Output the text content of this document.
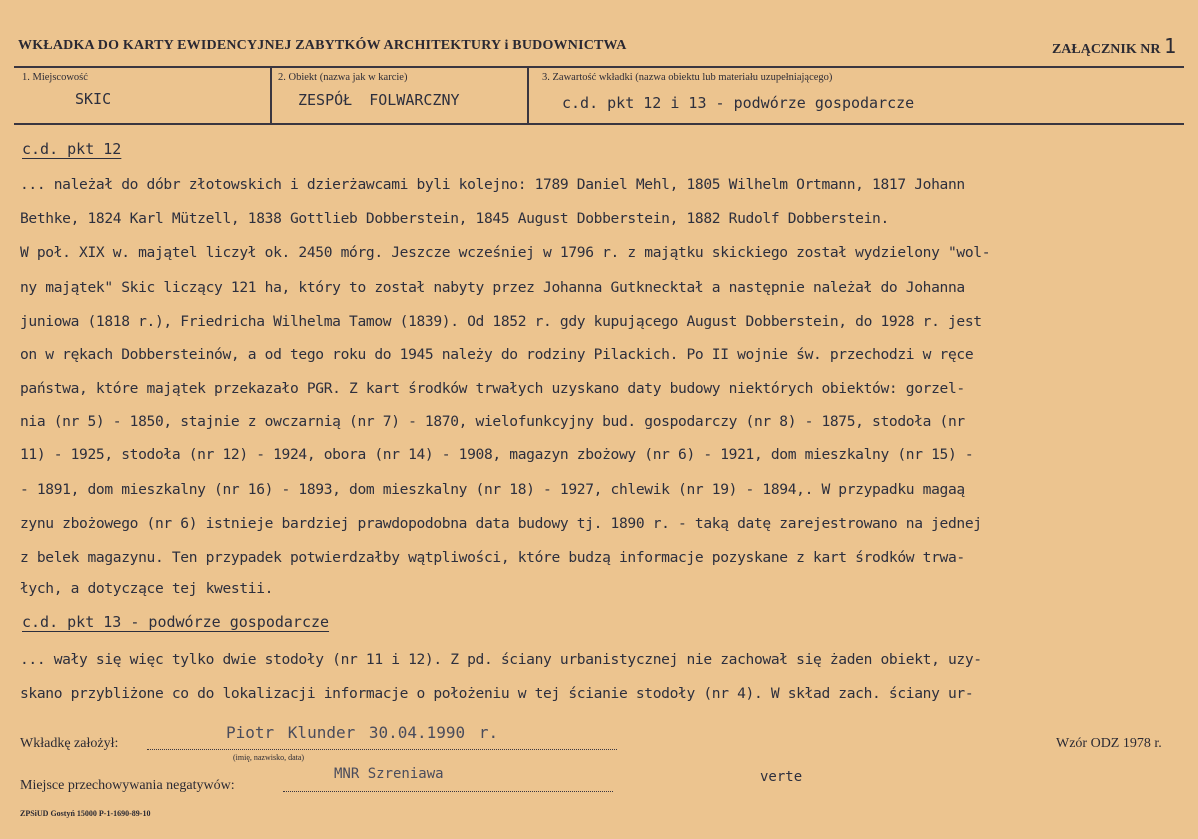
WKŁADKA DO KARTY EWIDENCYJNEJ ZABYTKÓW ARCHITEKTURY i BUDOWNICTWA	ZAŁĄCZNIK NR 1
1. Miejscowość
SKIC
2. Obiekt (nazwa jak w karcie)
ZESPÓŁ FOLWARCZNY
3. Zawartość wkładki (nazwa obiektu lub materiału uzupełniającego)
c.d. pkt 12 i 13 - podwórze gospodarcze
c.d. pkt 12
... należał do dóbr złotowskich i dzierżawcami byli kolejno: 1789 Daniel Mehl, 1805 Wilhelm Ortmann, 1817 Johann
Bethke, 1824 Karl Mützell, 1838 Gottlieb Dobberstein, 1845 August Dobberstein, 1882 Rudolf Dobberstein.
W poł. XIX w. majątel liczył ok. 2450 mórg. Jeszcze wcześniej w 1796 r. z majątku skickiego został wydzielony "wol-
ny majątek" Skic liczący 121 ha, który to został nabyty przez Johanna Gutknecktał a następnie należał do Johanna
juniowa (1818 r.), Friedricha Wilhelma Tamow (1839). Od 1852 r. gdy kupującego August Dobberstein, do 1928 r. jest
on w rękach Dobbersteinów, a od tego roku do 1945 należy do rodziny Pilackich. Po II wojnie św. przechodzi w ręce
państwa, które majątek przekazało PGR. Z kart środków trwałych uzyskano daty budowy niektórych obiektów: gorzel-
nia (nr 5) - 1850, stajnie z owczarnią (nr 7) - 1870, wielofunkcyjny bud. gospodarczy (nr 8) - 1875, stodoła (nr
11) - 1925, stodoła (nr 12) - 1924, obora (nr 14) - 1908, magazyn zbożowy (nr 6) - 1921, dom mieszkalny (nr 15) -
- 1891, dom mieszkalny (nr 16) - 1893, dom mieszkalny (nr 18) - 1927, chlewik (nr 19) - 1894,. W przypadku magaą
zynu zbożowego (nr 6) istnieje bardziej prawdopodobna data budowy tj. 1890 r. - taką datę zarejestrowano na jednej
z belek magazynu. Ten przypadek potwierdzałby wątpliwości, które budzą informacje pozyskane z kart środków trwa-
łych, a dotyczące tej kwestii.
c.d. pkt 13 - podwórze gospodarcze
... wały się więc tylko dwie stodoły (nr 11 i 12). Z pd. ściany urbanistycznej nie zachował się żaden obiekt, uzy-
skano przybliżone co do lokalizacji informacje o położeniu w tej ścianie stodoły (nr 4). W skład zach. ściany ur-
Wkładkę założył:
Piotr Klunder 30.04.1990 r.
(imię, nazwisko, data)
Wzór ODZ 1978 r.
Miejsce przechowywania negatywów:
MNR Szreniawa	verte
ZPSiUD Gostyń 15000 P-1-1690-89-10
